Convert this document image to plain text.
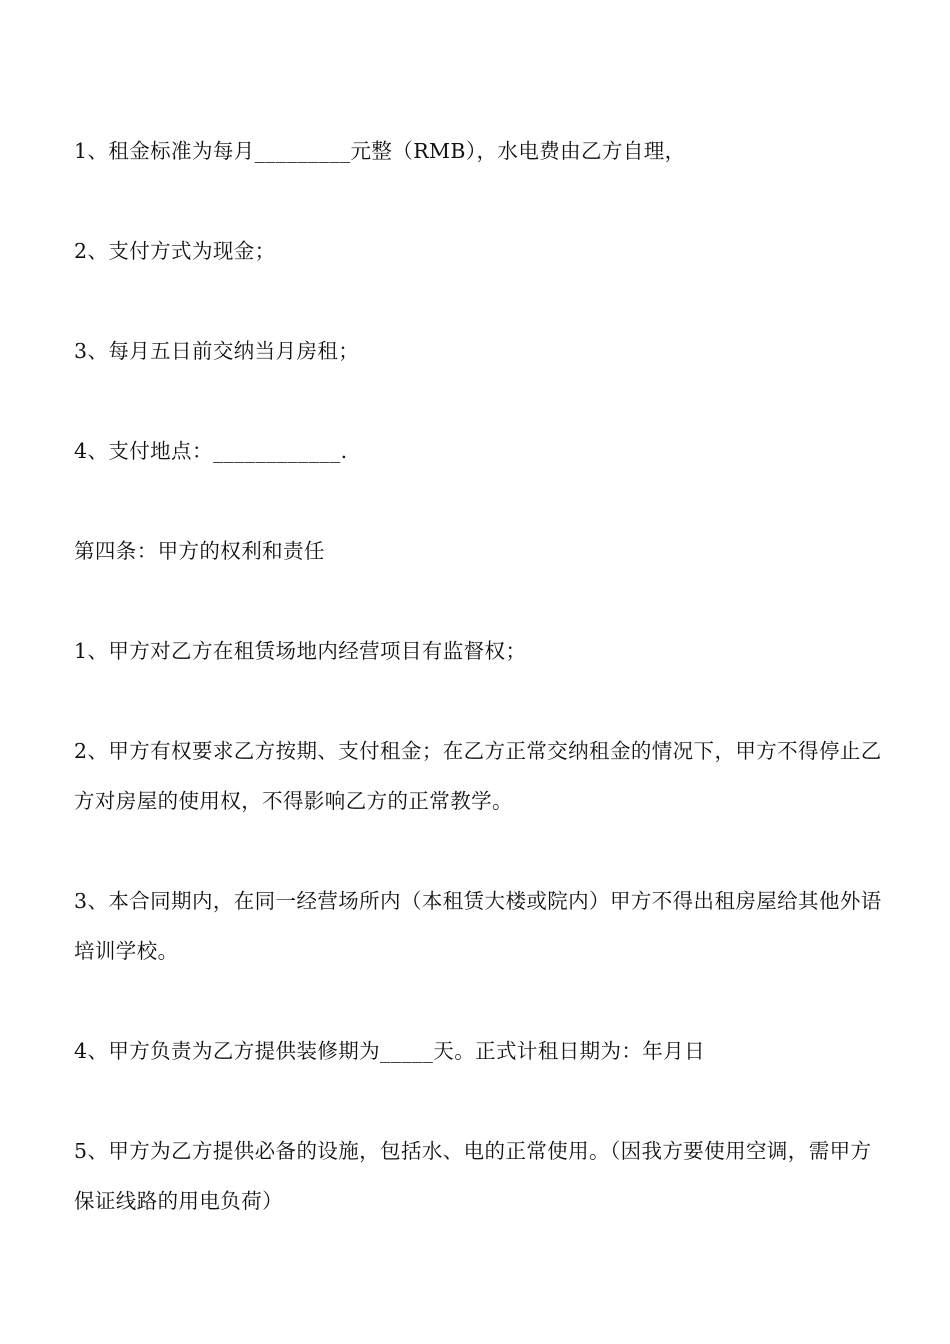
1、租金标准为每月_________元整（RMB），水电费由乙方自理，

2、支付方式为现金；

3、每月五日前交纳当月房租；

4、支付地点：____________.

第四条：甲方的权利和责任

1、甲方对乙方在租赁场地内经营项目有监督权；

2、甲方有权要求乙方按期、支付租金；在乙方正常交纳租金的情况下，甲方不得停止乙方对房屋的使用权，不得影响乙方的正常教学。

3、本合同期内，在同一经营场所内（本租赁大楼或院内）甲方不得出租房屋给其他外语培训学校。

4、甲方负责为乙方提供装修期为_____天。正式计租日期为：年月日

5、甲方为乙方提供必备的设施，包括水、电的正常使用。（因我方要使用空调，需甲方保证线路的用电负荷）
